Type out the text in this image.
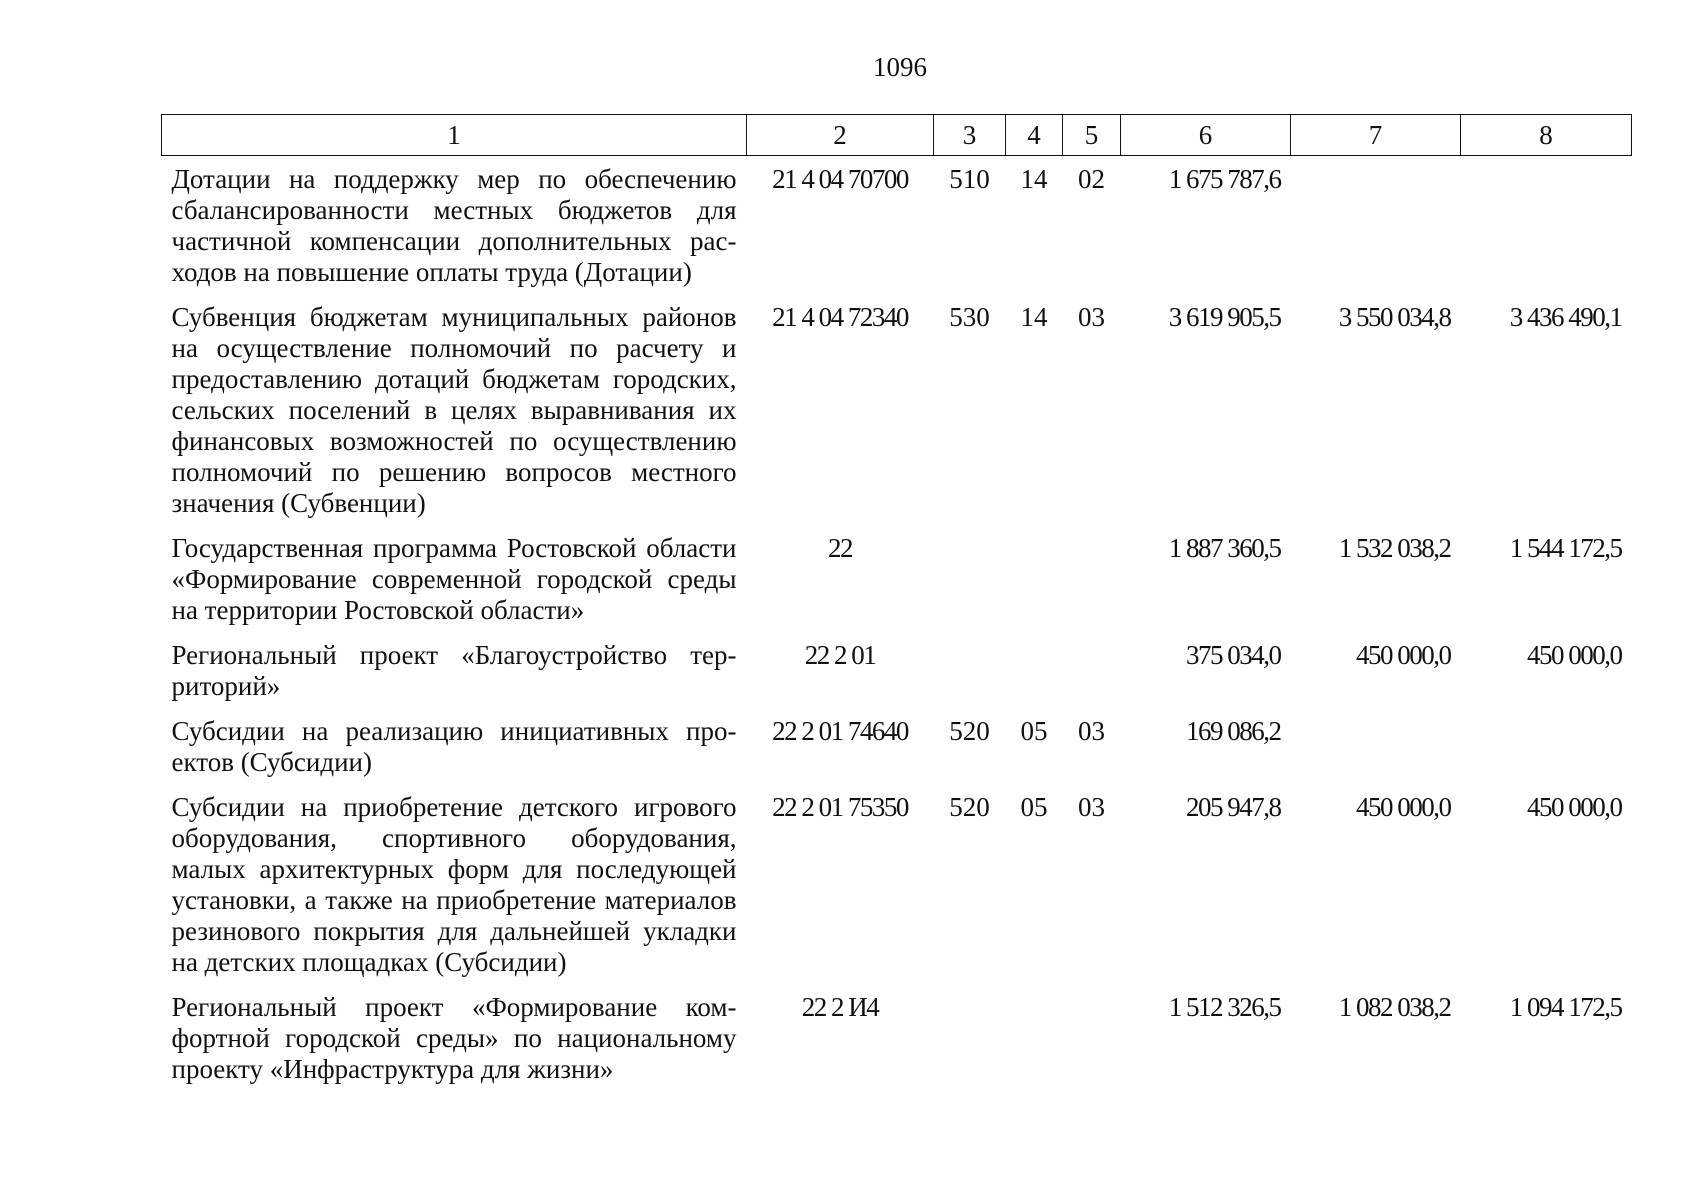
1096
1	2	3	4	5	6	7	8
Дотации на поддержку мер по обеспечению сбалансированности местных бюджетов для частичной компенсации дополнительных расходов на повышение оплаты труда (Дотации)	21 4 04 70700	510	14	02	1 675 787,6		
Субвенция бюджетам муниципальных районов на осуществление полномочий по расчету и предоставлению дотаций бюджетам городских, сельских поселений в целях выравнивания их финансовых возможностей по осуществлению полномочий по решению вопросов местного значения (Субвенции)	21 4 04 72340	530	14	03	3 619 905,5	3 550 034,8	3 436 490,1
Государственная программа Ростовской области «Формирование современной городской среды на территории Ростовской области»	22				1 887 360,5	1 532 038,2	1 544 172,5
Региональный проект «Благоустройство территорий»	22 2 01				375 034,0	450 000,0	450 000,0
Субсидии на реализацию инициативных проектов (Субсидии)	22 2 01 74640	520	05	03	169 086,2		
Субсидии на приобретение детского игрового оборудования, спортивного оборудования, малых архитектурных форм для последующей установки, а также на приобретение материалов резинового покрытия для дальнейшей укладки на детских площадках (Субсидии)	22 2 01 75350	520	05	03	205 947,8	450 000,0	450 000,0
Региональный проект «Формирование комфортной городской среды» по национальному проекту «Инфраструктура для жизни»	22 2 И4				1 512 326,5	1 082 038,2	1 094 172,5
